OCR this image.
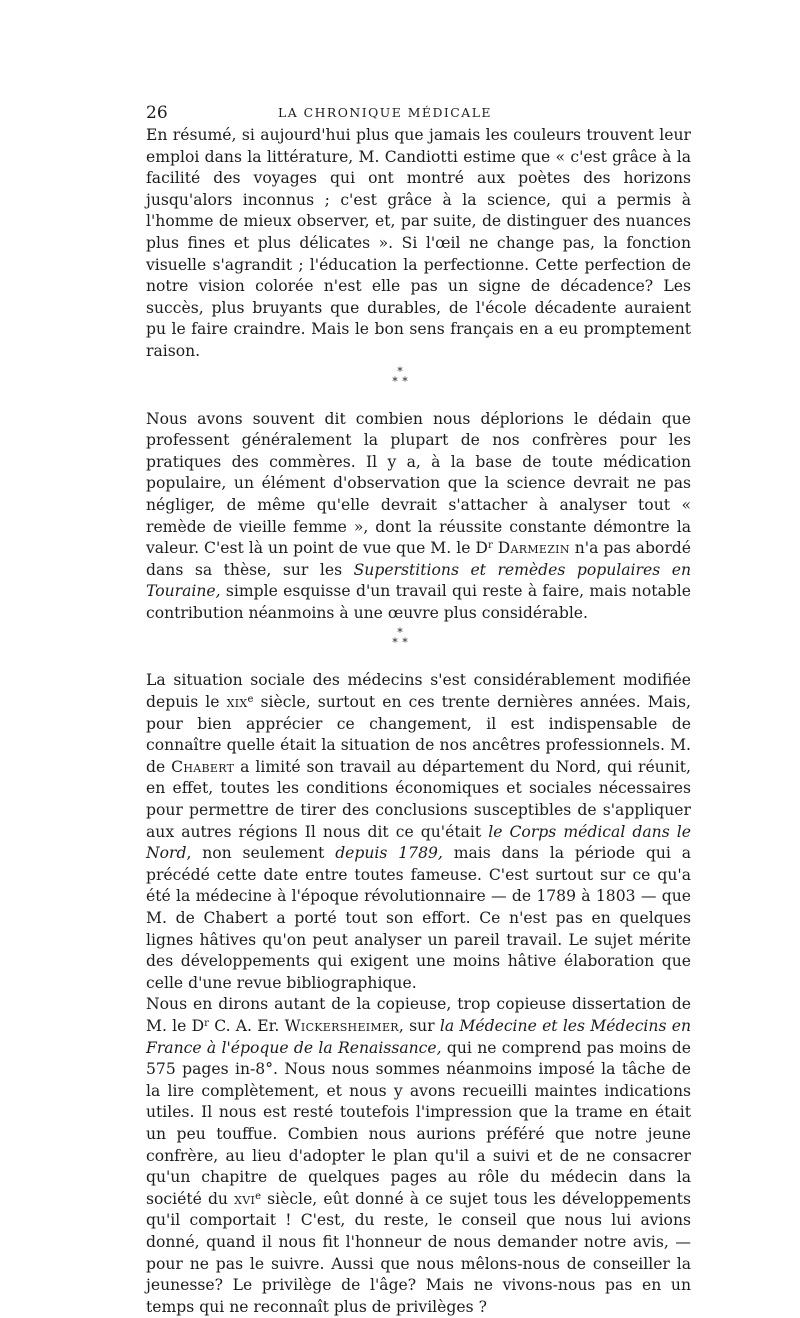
26	LA CHRONIQUE MÉDICALE

En résumé, si aujourd'hui plus que jamais les couleurs trouvent leur emploi dans la littérature, M. Candiotti estime que « c'est grâce à la facilité des voyages qui ont montré aux poètes des horizons jusqu'alors inconnus ; c'est grâce à la science, qui a permis à l'homme de mieux observer, et, par suite, de distinguer des nuances plus fines et plus délicates ». Si l'œil ne change pas, la fonction visuelle s'agrandit ; l'éducation la perfectionne. Cette perfection de notre vision colorée n'est elle pas un signe de décadence? Les succès, plus bruyants que durables, de l'école décadente auraient pu le faire craindre. Mais le bon sens français en a eu promptement raison.

*
* *

Nous avons souvent dit combien nous déplorions le dédain que professent généralement la plupart de nos confrères pour les pratiques des commères. Il y a, à la base de toute médication populaire, un élément d'observation que la science devrait ne pas négliger, de même qu'elle devrait s'attacher à analyser tout « remède de vieille femme », dont la réussite constante démontre la valeur. C'est là un point de vue que M. le $D^r$ Darmezin n'a pas abordé dans sa thèse, sur les Superstitions et remèdes populaires en Touraine, simple esquisse d'un travail qui reste à faire, mais notable contribution néanmoins à une œuvre plus considérable.

*
* *

La situation sociale des médecins s'est considérablement modifiée depuis le xix$^e$ siècle, surtout en ces trente dernières années. Mais, pour bien apprécier ce changement, il est indispensable de connaître quelle était la situation de nos ancêtres professionnels. M. de Chabert a limité son travail au département du Nord, qui réunit, en effet, toutes les conditions économiques et sociales nécessaires pour permettre de tirer des conclusions susceptibles de s'appliquer aux autres régions Il nous dit ce qu'était le Corps médical dans le Nord, non seulement depuis 1789, mais dans la période qui a précédé cette date entre toutes fameuse. C'est surtout sur ce qu'a été la médecine à l'époque révolutionnaire — de 1789 à 1803 — que M. de Chabert a porté tout son effort. Ce n'est pas en quelques lignes hâtives qu'on peut analyser un pareil travail. Le sujet mérite des développements qui exigent une moins hâtive élaboration que celle d'une revue bibliographique.

Nous en dirons autant de la copieuse, trop copieuse dissertation de M. le $D^r$ C. A. Er. Wickersheimer, sur la Médecine et les Médecins en France à l'époque de la Renaissance, qui ne comprend pas moins de 575 pages in-8°. Nous nous sommes néanmoins imposé la tâche de la lire complètement, et nous y avons recueilli maintes indications utiles. Il nous est resté toutefois l'impression que la trame en était un peu touffue. Combien nous aurions préféré que notre jeune confrère, au lieu d'adopter le plan qu'il a suivi et de ne consacrer qu'un chapitre de quelques pages au rôle du médecin dans la société du xvi$^e$ siècle, eût donné à ce sujet tous les développements qu'il comportait ! C'est, du reste, le conseil que nous lui avions donné, quand il nous fit l'honneur de nous demander notre avis, — pour ne pas le suivre. Aussi que nous mêlons-nous de conseiller la jeunesse? Le privilège de l'âge? Mais ne vivons-nous pas en un temps qui ne reconnaît plus de privilèges ?
